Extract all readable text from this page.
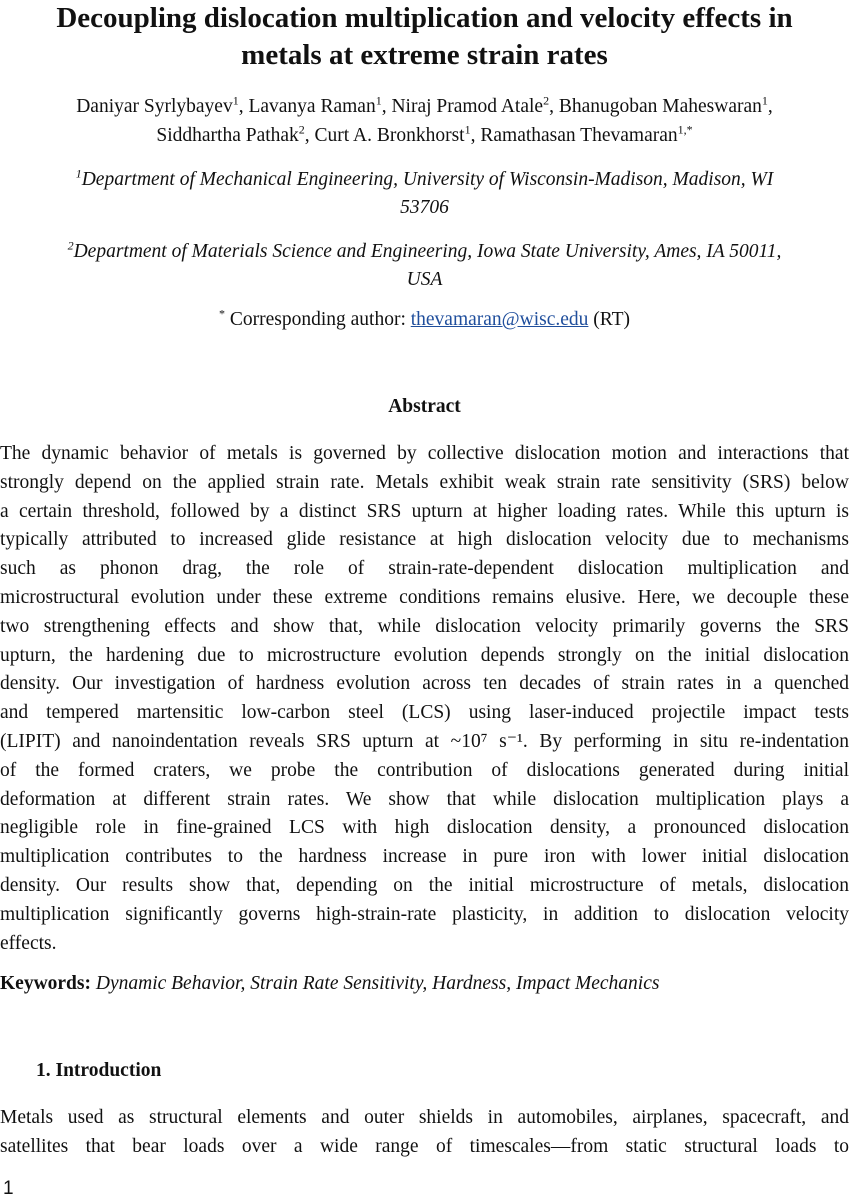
Decoupling dislocation multiplication and velocity effects in
metals at extreme strain rates
Daniyar Syrlybayev$^1$, Lavanya Raman$^1$, Niraj Pramod Atale$^2$, Bhanugoban Maheswaran$^1$,
Siddhartha Pathak$^2$, Curt A. Bronkhorst$^1$, Ramathasan Thevamaran$^{1,*}$
$^1$Department of Mechanical Engineering, University of Wisconsin-Madison, Madison, WI
53706
$^2$Department of Materials Science and Engineering, Iowa State University, Ames, IA 50011,
USA
* Corresponding author: thevamaran@wisc.edu (RT)
Abstract
The dynamic behavior of metals is governed by collective dislocation motion and interactions that
strongly depend on the applied strain rate. Metals exhibit weak strain rate sensitivity (SRS) below
a certain threshold, followed by a distinct SRS upturn at higher loading rates. While this upturn is
typically attributed to increased glide resistance at high dislocation velocity due to mechanisms
such as phonon drag, the role of strain-rate-dependent dislocation multiplication and
microstructural evolution under these extreme conditions remains elusive. Here, we decouple these
two strengthening effects and show that, while dislocation velocity primarily governs the SRS
upturn, the hardening due to microstructure evolution depends strongly on the initial dislocation
density. Our investigation of hardness evolution across ten decades of strain rates in a quenched
and tempered martensitic low-carbon steel (LCS) using laser-induced projectile impact tests
(LIPIT) and nanoindentation reveals SRS upturn at ~10⁷ s⁻¹. By performing in situ re-indentation
of the formed craters, we probe the contribution of dislocations generated during initial
deformation at different strain rates. We show that while dislocation multiplication plays a
negligible role in fine-grained LCS with high dislocation density, a pronounced dislocation
multiplication contributes to the hardness increase in pure iron with lower initial dislocation
density. Our results show that, depending on the initial microstructure of metals, dislocation
multiplication significantly governs high-strain-rate plasticity, in addition to dislocation velocity
effects.
Keywords: Dynamic Behavior, Strain Rate Sensitivity, Hardness, Impact Mechanics
1. Introduction
Metals used as structural elements and outer shields in automobiles, airplanes, spacecraft, and
satellites that bear loads over a wide range of timescales—from static structural loads to
1
